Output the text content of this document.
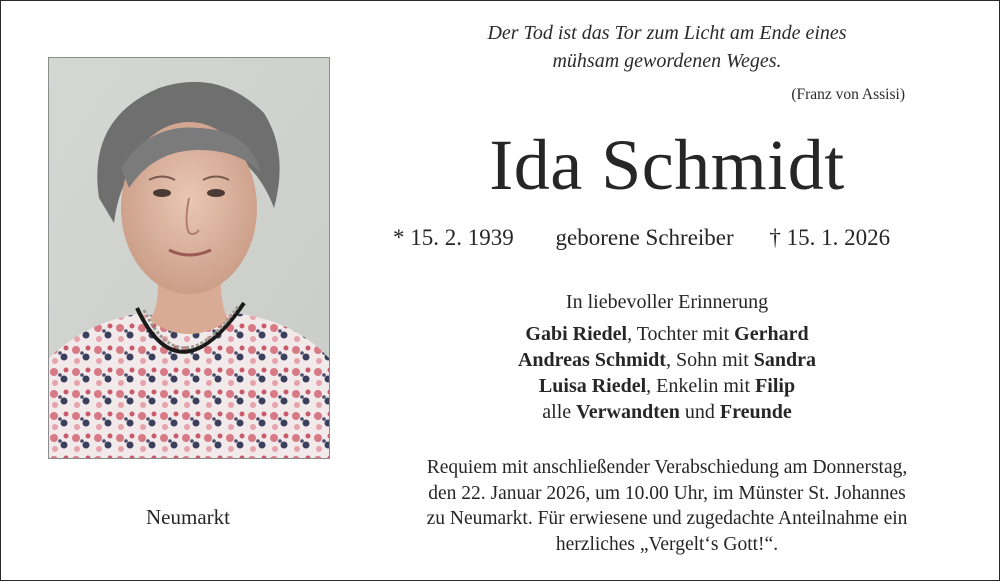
Der Tod ist das Tor zum Licht am Ende eines
mühsam gewordenen Weges.
(Franz von Assisi)
Ida Schmidt
* 15. 2. 1939 geborene Schreiber † 15. 1. 2026
In liebevoller Erinnerung
Gabi Riedel, Tochter mit Gerhard
Andreas Schmidt, Sohn mit Sandra
Luisa Riedel, Enkelin mit Filip
alle Verwandten und Freunde
Requiem mit anschließender Verabschiedung am Donnerstag,
den 22. Januar 2026, um 10.00 Uhr, im Münster St. Johannes
zu Neumarkt. Für erwiesene und zugedachte Anteilnahme ein
herzliches „Vergelt‘s Gott!“.
Neumarkt
